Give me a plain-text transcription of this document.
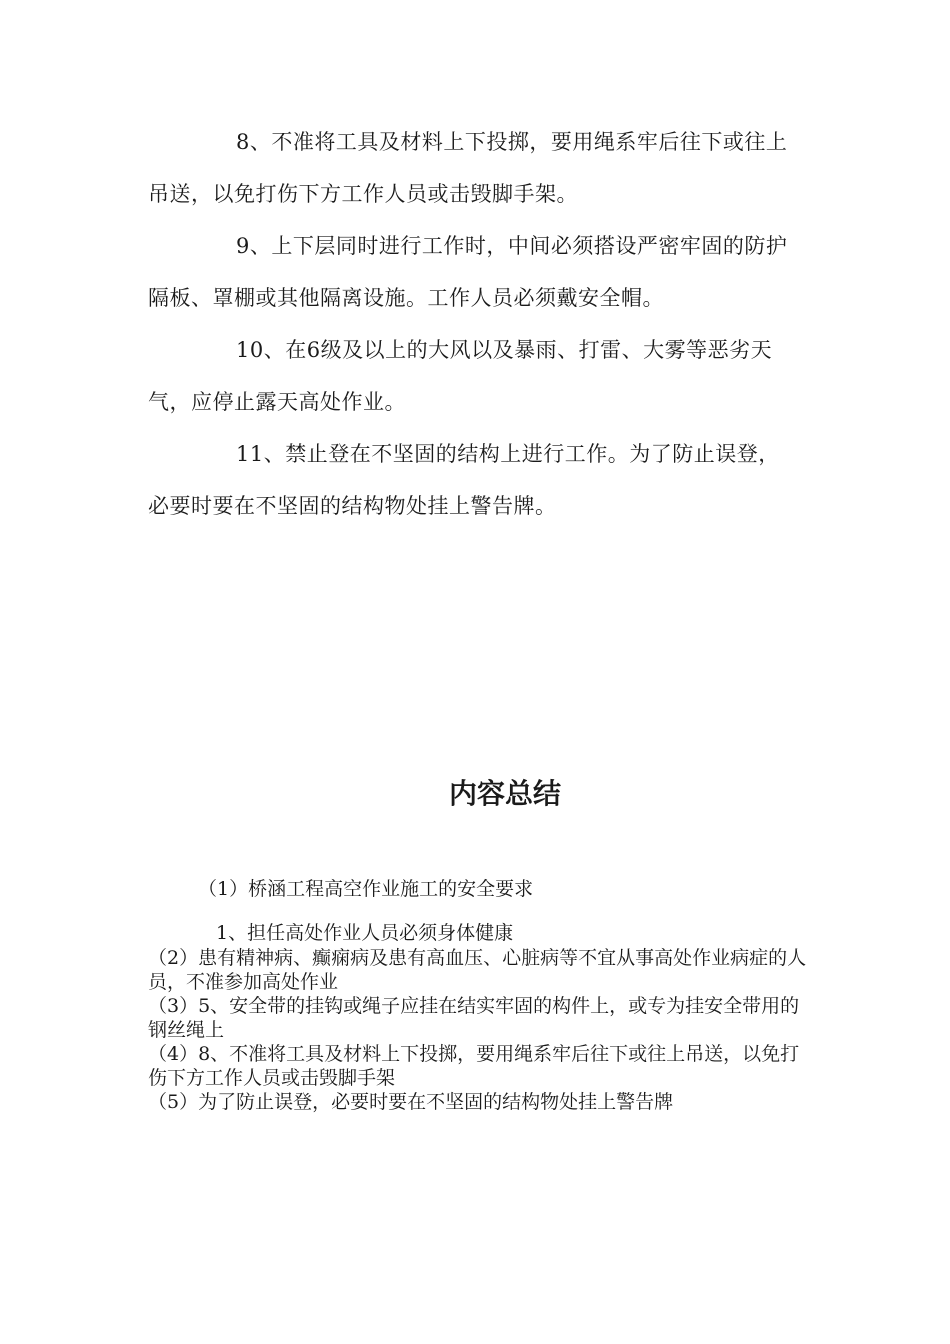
8、不准将工具及材料上下投掷，要用绳系牢后往下或往上吊送，以免打伤下方工作人员或击毁脚手架。

9、上下层同时进行工作时，中间必须搭设严密牢固的防护隔板、罩棚或其他隔离设施。工作人员必须戴安全帽。

10、在6级及以上的大风以及暴雨、打雷、大雾等恶劣天气，应停止露天高处作业。

11、禁止登在不坚固的结构上进行工作。为了防止误登，必要时要在不坚固的结构物处挂上警告牌。

内容总结

（1）桥涵工程高空作业施工的安全要求

1、担任高处作业人员必须身体健康

（2）患有精神病、癫痫病及患有高血压、心脏病等不宜从事高处作业病症的人员，不准参加高处作业

（3）5、安全带的挂钩或绳子应挂在结实牢固的构件上，或专为挂安全带用的钢丝绳上

（4）8、不准将工具及材料上下投掷，要用绳系牢后往下或往上吊送，以免打伤下方工作人员或击毁脚手架

（5）为了防止误登，必要时要在不坚固的结构物处挂上警告牌
